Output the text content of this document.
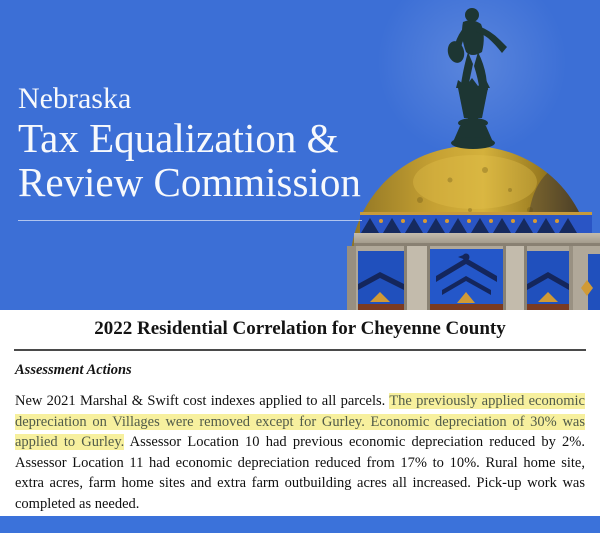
Nebraska
Tax Equalization &
Review Commission
2022 Residential Correlation for Cheyenne County
Assessment Actions

New 2021 Marshal & Swift cost indexes applied to all parcels. The previously applied economic depreciation on Villages were removed except for Gurley. Economic depreciation of 30% was applied to Gurley. Assessor Location 10 had previous economic depreciation reduced by 2%. Assessor Location 11 had economic depreciation reduced from 17% to 10%. Rural home site, extra acres, farm home sites and extra farm outbuilding acres all increased. Pick-up work was completed as needed.
